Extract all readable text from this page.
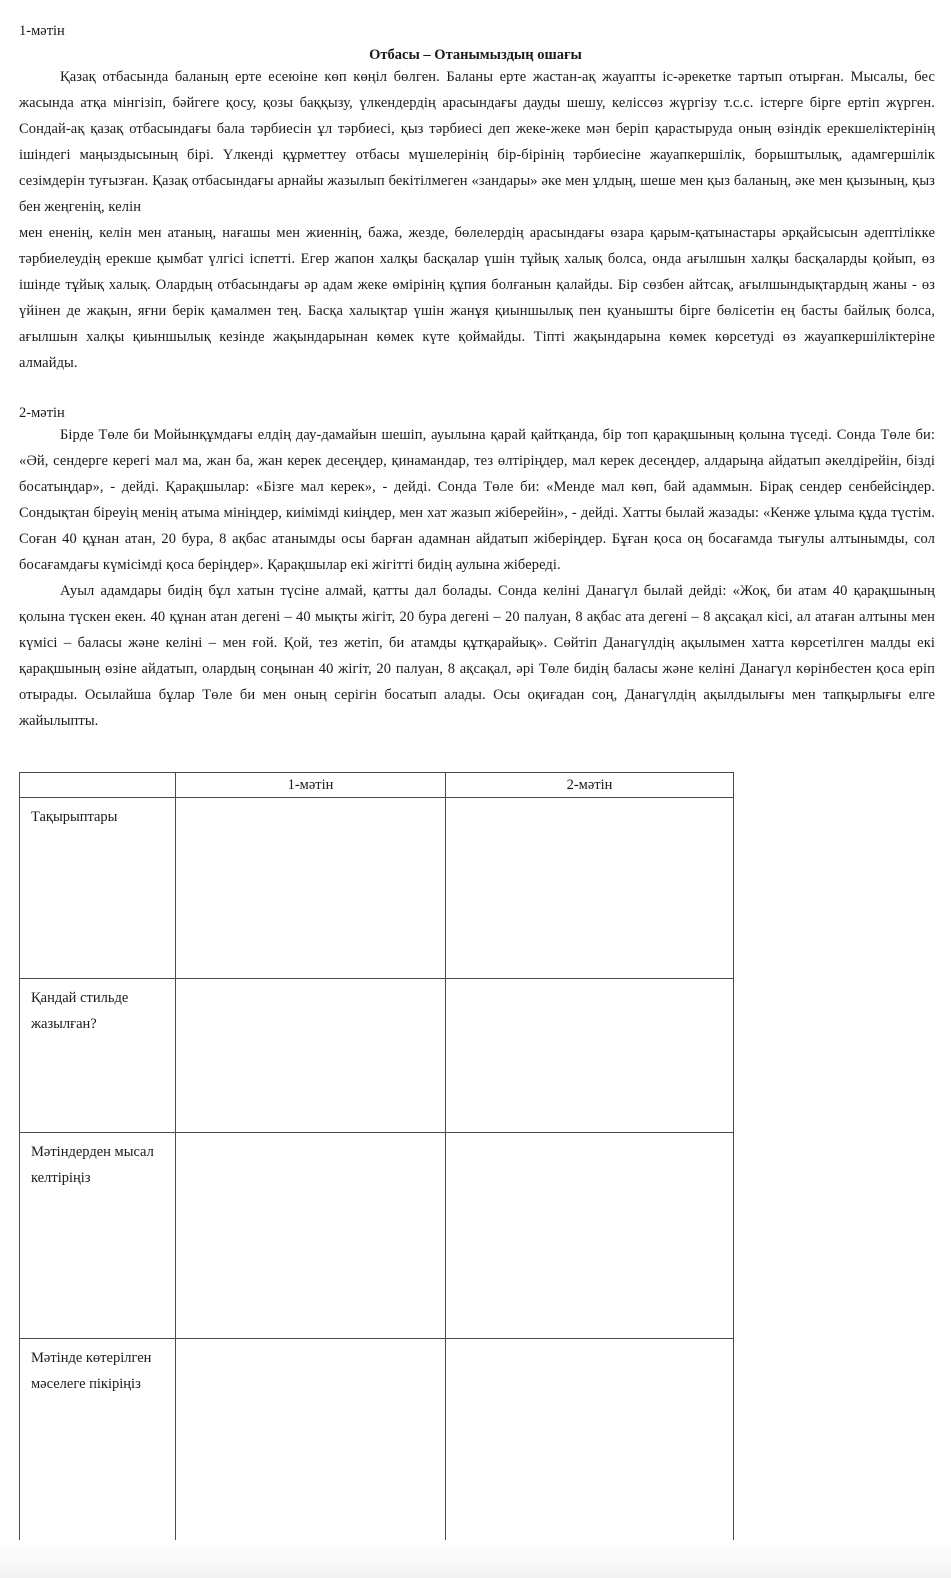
1-мәтін
Отбасы – Отанымыздың ошағы

Қазақ отбасында баланың ерте есеюіне көп көңіл бөлген. Баланы ерте жастан-ақ жауапты іс-әрекетке тартып отырған. Мысалы, бес жасында атқа мінгізіп, бәйгеге қосу, қозы баққызу, үлкендердің арасындағы дауды шешу, келіссөз жүргізу т.с.с. істерге бірге ертіп жүрген. Сондай-ақ қазақ отбасындағы бала тәрбиесін ұл тәрбиесі, қыз тәрбиесі деп жеке-жеке мән беріп қарастыруда оның өзіндік ерекшеліктерінің ішіндегі маңыздысының бірі. Үлкенді құрметтеу отбасы мүшелерінің бір-бірінің тәрбиесіне жауапкершілік, борыштылық, адамгершілік сезімдерін туғызған. Қазақ отбасындағы арнайы жазылып бекітілмеген «зандары» әке мен ұлдың, шеше мен қыз баланың, әке мен қызының, қыз бен жеңгенің, келін

мен ененің, келін мен атаның, нағашы мен жиеннің, бажа, жезде, бөлелердің арасындағы өзара қарым-қатынастары әрқайсысын әдептілікке тәрбиелеудің ерекше қымбат үлгісі іспетті. Егер жапон халқы басқалар үшін тұйық халық болса, онда ағылшын халқы басқаларды қойып, өз ішінде тұйық халық. Олардың отбасындағы әр адам жеке өмірінің құпия болғанын қалайды. Бір сөзбен айтсақ, ағылшындықтардың жаны - өз үйінен де жақын, яғни берік қамалмен тең. Басқа халықтар үшін жанұя қиыншылық пен қуанышты бірге бөлісетін ең басты байлық болса, ағылшын халқы қиыншылық кезінде жақындарынан көмек күте қоймайды. Тіпті жақындарына көмек көрсетуді өз жауапкершіліктеріне алмайды.

2-мәтін

Бірде Төле би Мойынқұмдағы елдің дау-дамайын шешіп, ауылына қарай қайтқанда, бір топ қарақшының қолына түседі. Сонда Төле би: «Әй, сендерге керегі мал ма, жан ба, жан керек десеңдер, қинамандар, тез өлтіріңдер, мал керек десеңдер, алдарыңа айдатып әкелдірейін, бізді босатыңдар», - дейді. Қарақшылар: «Бізге мал керек», - дейді. Сонда Төле би: «Менде мал көп, бай адаммын. Бірақ сендер сенбейсіңдер. Сондықтан біреуің менің атыма мініңдер, киімімді киіңдер, мен хат жазып жіберейін», - дейді. Хатты былай жазады: «Кенже ұлыма құда түстім. Соған 40 құнан атан, 20 бура, 8 ақбас атанымды осы барған адамнан айдатып жіберіңдер. Бұған қоса оң босағамда тығулы алтынымды, сол босағамдағы күмісімді қоса беріңдер». Қарақшылар екі жігітті бидің аулына жібереді.

Ауыл адамдары бидің бұл хатын түсіне алмай, қатты дал болады. Сонда келіні Данагүл былай дейді: «Жоқ, би атам 40 қарақшының қолына түскен екен. 40 құнан атан дегені – 40 мықты жігіт, 20 бура дегені – 20 палуан, 8 ақбас ата дегені – 8 ақсақал кісі, ал атаған алтыны мен күмісі – баласы және келіні – мен ғой. Қой, тез жетіп, би атамды құтқарайық». Сөйтіп Данагүлдің ақылымен хатта көрсетілген малды екі қарақшының өзіне айдатып, олардың соңынан 40 жігіт, 20 палуан, 8 ақсақал, әрі Төле бидің баласы және келіні Данагүл көрінбестен қоса еріп отырады. Осылайша бұлар Төле би мен оның серігін босатып алады. Осы оқиғадан соң, Данагүлдің ақылдылығы мен тапқырлығы елге жайылыпты.

	1-мәтін	2-мәтін
Тақырыптары		
Қандай стильде жазылған?		
Мәтіндерден мысал келтіріңіз		
Мәтінде көтерілген мәселеге пікіріңіз		
